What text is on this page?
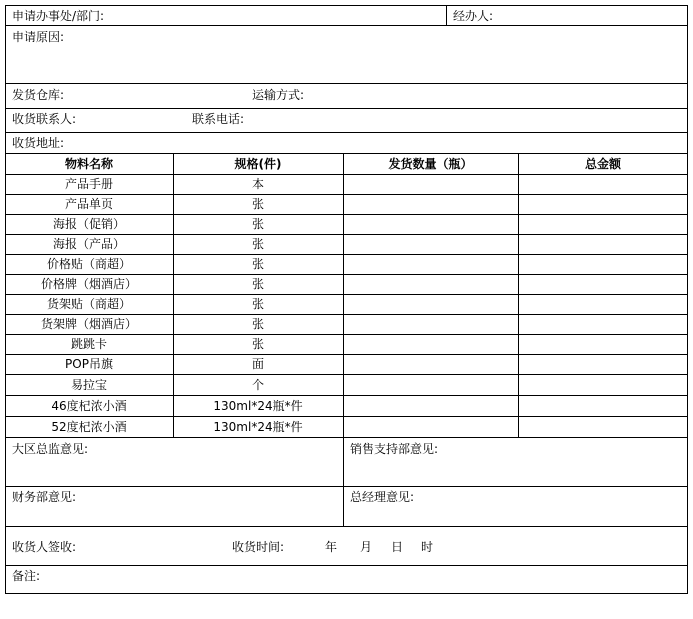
申请办事处/部门:	经办人:
申请原因:
发货仓库:	运输方式:
收货联系人:	联系电话:
收货地址:
物料名称	规格(件)	发货数量（瓶）	总金额
产品手册	本
产品单页	张
海报（促销）	张
海报（产品）	张
价格贴（商超）	张
价格牌（烟酒店）	张
货架贴（商超）	张
货架牌（烟酒店）	张
跳跳卡	张
POP吊旗	面
易拉宝	个
46度杞浓小酒	130ml*24瓶*件
52度杞浓小酒	130ml*24瓶*件
大区总监意见:	销售支持部意见:
财务部意见:	总经理意见:
收货人签收:	收货时间:	年 月 日 时
备注:
